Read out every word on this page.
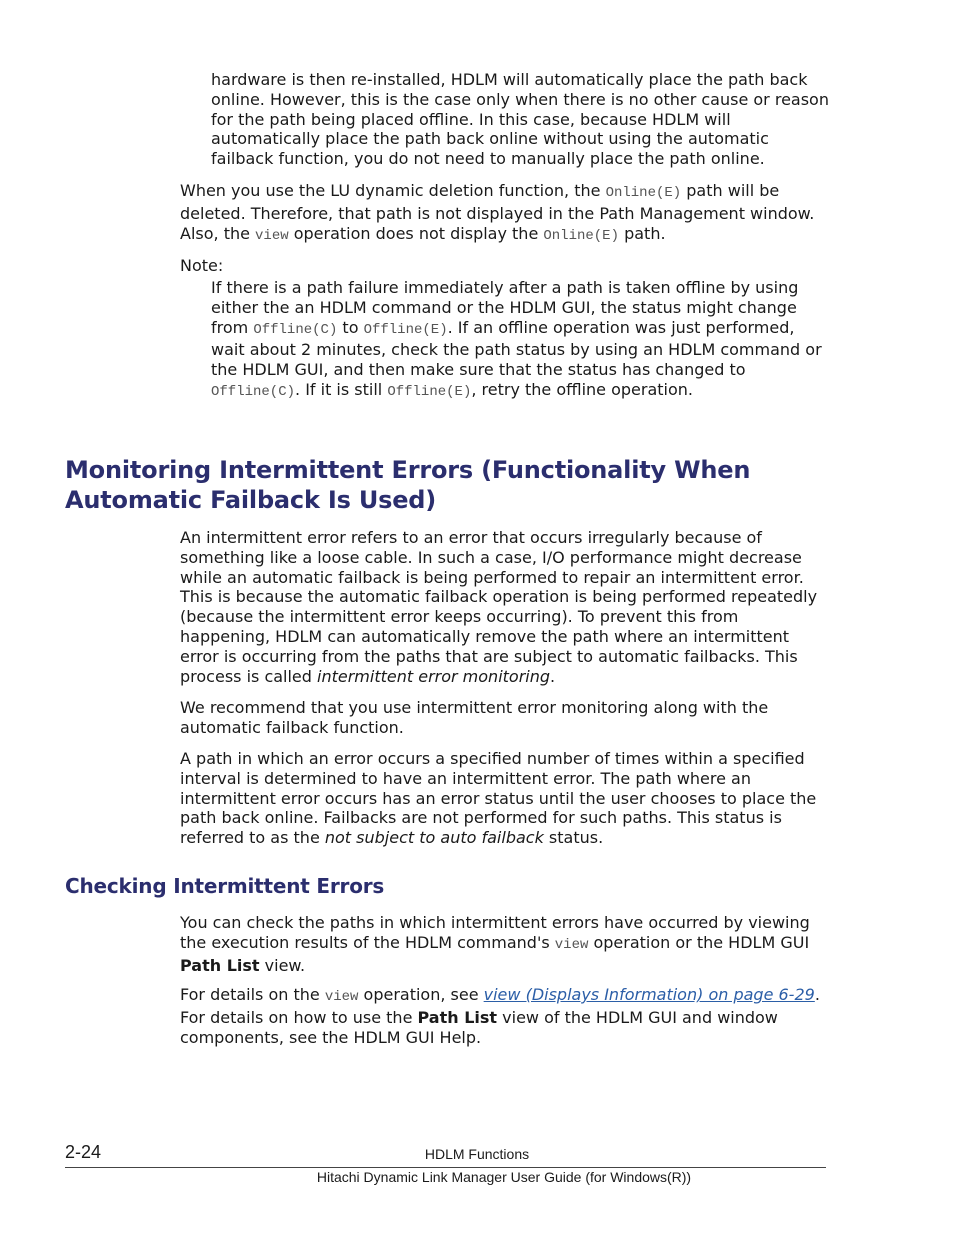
hardware is then re-installed, HDLM will automatically place the path back online. However, this is the case only when there is no other cause or reason for the path being placed offline. In this case, because HDLM will automatically place the path back online without using the automatic failback function, you do not need to manually place the path online.

When you use the LU dynamic deletion function, the Online(E) path will be deleted. Therefore, that path is not displayed in the Path Management window. Also, the view operation does not display the Online(E) path.

Note:

If there is a path failure immediately after a path is taken offline by using either the an HDLM command or the HDLM GUI, the status might change from Offline(C) to Offline(E). If an offline operation was just performed, wait about 2 minutes, check the path status by using an HDLM command or the HDLM GUI, and then make sure that the status has changed to Offline(C). If it is still Offline(E), retry the offline operation.

Monitoring Intermittent Errors (Functionality When Automatic Failback Is Used)

An intermittent error refers to an error that occurs irregularly because of something like a loose cable. In such a case, I/O performance might decrease while an automatic failback is being performed to repair an intermittent error. This is because the automatic failback operation is being performed repeatedly (because the intermittent error keeps occurring). To prevent this from happening, HDLM can automatically remove the path where an intermittent error is occurring from the paths that are subject to automatic failbacks. This process is called intermittent error monitoring.

We recommend that you use intermittent error monitoring along with the automatic failback function.

A path in which an error occurs a specified number of times within a specified interval is determined to have an intermittent error. The path where an intermittent error occurs has an error status until the user chooses to place the path back online. Failbacks are not performed for such paths. This status is referred to as the not subject to auto failback status.

Checking Intermittent Errors

You can check the paths in which intermittent errors have occurred by viewing the execution results of the HDLM command's view operation or the HDLM GUI Path List view.

For details on the view operation, see view (Displays Information) on page 6-29. For details on how to use the Path List view of the HDLM GUI and window components, see the HDLM GUI Help.

2-24	HDLM Functions
Hitachi Dynamic Link Manager User Guide (for Windows(R))
